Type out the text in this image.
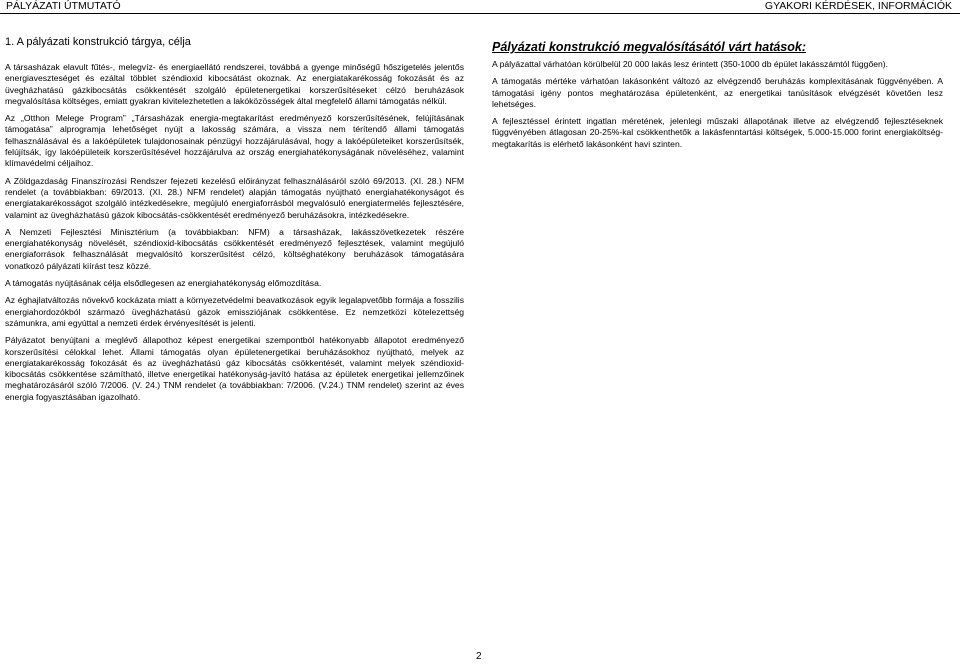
PÁLYÁZATI ÚTMUTATÓ	GYAKORI KÉRDÉSEK, INFORMÁCIÓK
1. A pályázati konstrukció tárgya, célja

A társasházak elavult fűtés-, melegvíz- és energiaellátó rendszerei, továbbá a gyenge minőségű hőszigetelés jelentős energiaveszteséget és ezáltal többlet széndioxid kibocsátást okoznak. Az energiatakarékosság fokozását és az üvegházhatású gázkibocsátás csökkentését szolgáló épületenergetikai korszerűsítéseket célzó beruházások megvalósítása költséges, emiatt gyakran kivitelezhetetlen a lakóközösségek által megfelelő állami támogatás nélkül.

Az „Otthon Melege Program” „Társasházak energia-megtakarítást eredményező korszerűsítésének, felújításának támogatása” alprogramja lehetőséget nyújt a lakosság számára, a vissza nem térítendő állami támogatás felhasználásával és a lakóépületek tulajdonosainak pénzügyi hozzájárulásával, hogy a lakóépületeiket korszerűsítsék, felújítsák, így lakóépületeik korszerűsítésével hozzájárulva az ország energiahatékonyságának növeléséhez, valamint klímavédelmi céljaihoz.

A Zöldgazdaság Finanszírozási Rendszer fejezeti kezelésű előirányzat felhasználásáról szóló 69/2013. (XI. 28.) NFM rendelet (a továbbiakban: 69/2013. (XI. 28.) NFM rendelet) alapján támogatás nyújtható energiahatékonyságot és energiatakarékosságot szolgáló intézkedésekre, megújuló energiaforrásból megvalósuló energiatermelés fejlesztésére, valamint az üvegházhatású gázok kibocsátás-csökkentését eredményező beruházásokra, intézkedésekre.

A Nemzeti Fejlesztési Minisztérium (a továbbiakban: NFM) a társasházak, lakásszövetkezetek részére energiahatékonyság növelését, széndioxid-kibocsátás csökkentését eredményező fejlesztések, valamint megújuló energiaforrások felhasználását megvalósító korszerűsítést célzó, költséghatékony beruházások támogatására vonatkozó pályázati kiírást tesz közzé.

A támogatás nyújtásának célja elsődlegesen az energiahatékonyság előmozdítása.

Az éghajlatváltozás növekvő kockázata miatt a környezetvédelmi beavatkozások egyik legalapvetőbb formája a fosszilis energiahordozókból származó üvegházhatású gázok emissziójának csökkentése. Ez nemzetközi kötelezettség számunkra, ami egyúttal a nemzeti érdek érvényesítését is jelenti.

Pályázatot benyújtani a meglévő állapothoz képest energetikai szempontból hatékonyabb állapotot eredményező korszerűsítési célokkal lehet. Állami támogatás olyan épületenergetikai beruházásokhoz nyújtható, melyek az energiatakarékosság fokozását és az üvegházhatású gáz kibocsátás csökkentését, valamint melyek széndioxid-kibocsátás csökkentése számítható, illetve energetikai hatékonyság-javító hatása az épületek energetikai jellemzőinek meghatározásáról szóló 7/2006. (V. 24.) TNM rendelet (a továbbiakban: 7/2006. (V.24.) TNM rendelet) szerint az éves energia fogyasztásában igazolható.

Pályázati konstrukció megvalósításától várt hatások:

A pályázattal várhatóan körülbelül 20 000 lakás lesz érintett (350-1000 db épület lakásszámtól függően).

A támogatás mértéke várhatóan lakásonként változó az elvégzendő beruházás komplexitásának függvényében. A támogatási igény pontos meghatározása épületenként, az energetikai tanúsítások elvégzését követően lesz lehetséges.

A fejlesztéssel érintett ingatlan méretének, jelenlegi műszaki állapotának illetve az elvégzendő fejlesztéseknek függvényében átlagosan 20-25%-kal csökkenthetők a lakásfenntartási költségek, 5.000-15.000 forint energiaköltség-megtakarítás is elérhető lakásonként havi szinten.

2
